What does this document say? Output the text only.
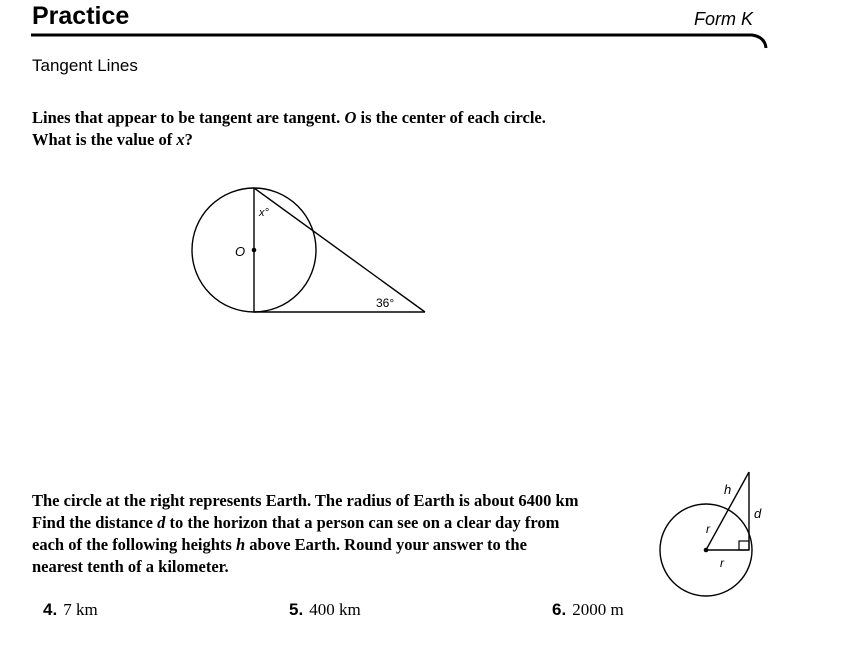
Practice	Form K
Tangent Lines
Lines that appear to be tangent are tangent. O is the center of each circle.
What is the value of x?
O
x°
36°
h
d
r
r
The circle at the right represents Earth. The radius of Earth is about 6400 km
Find the distance d to the horizon that a person can see on a clear day from
each of the following heights h above Earth. Round your answer to the
nearest tenth of a kilometer.
4. 7 km	5. 400 km	6. 2000 m
